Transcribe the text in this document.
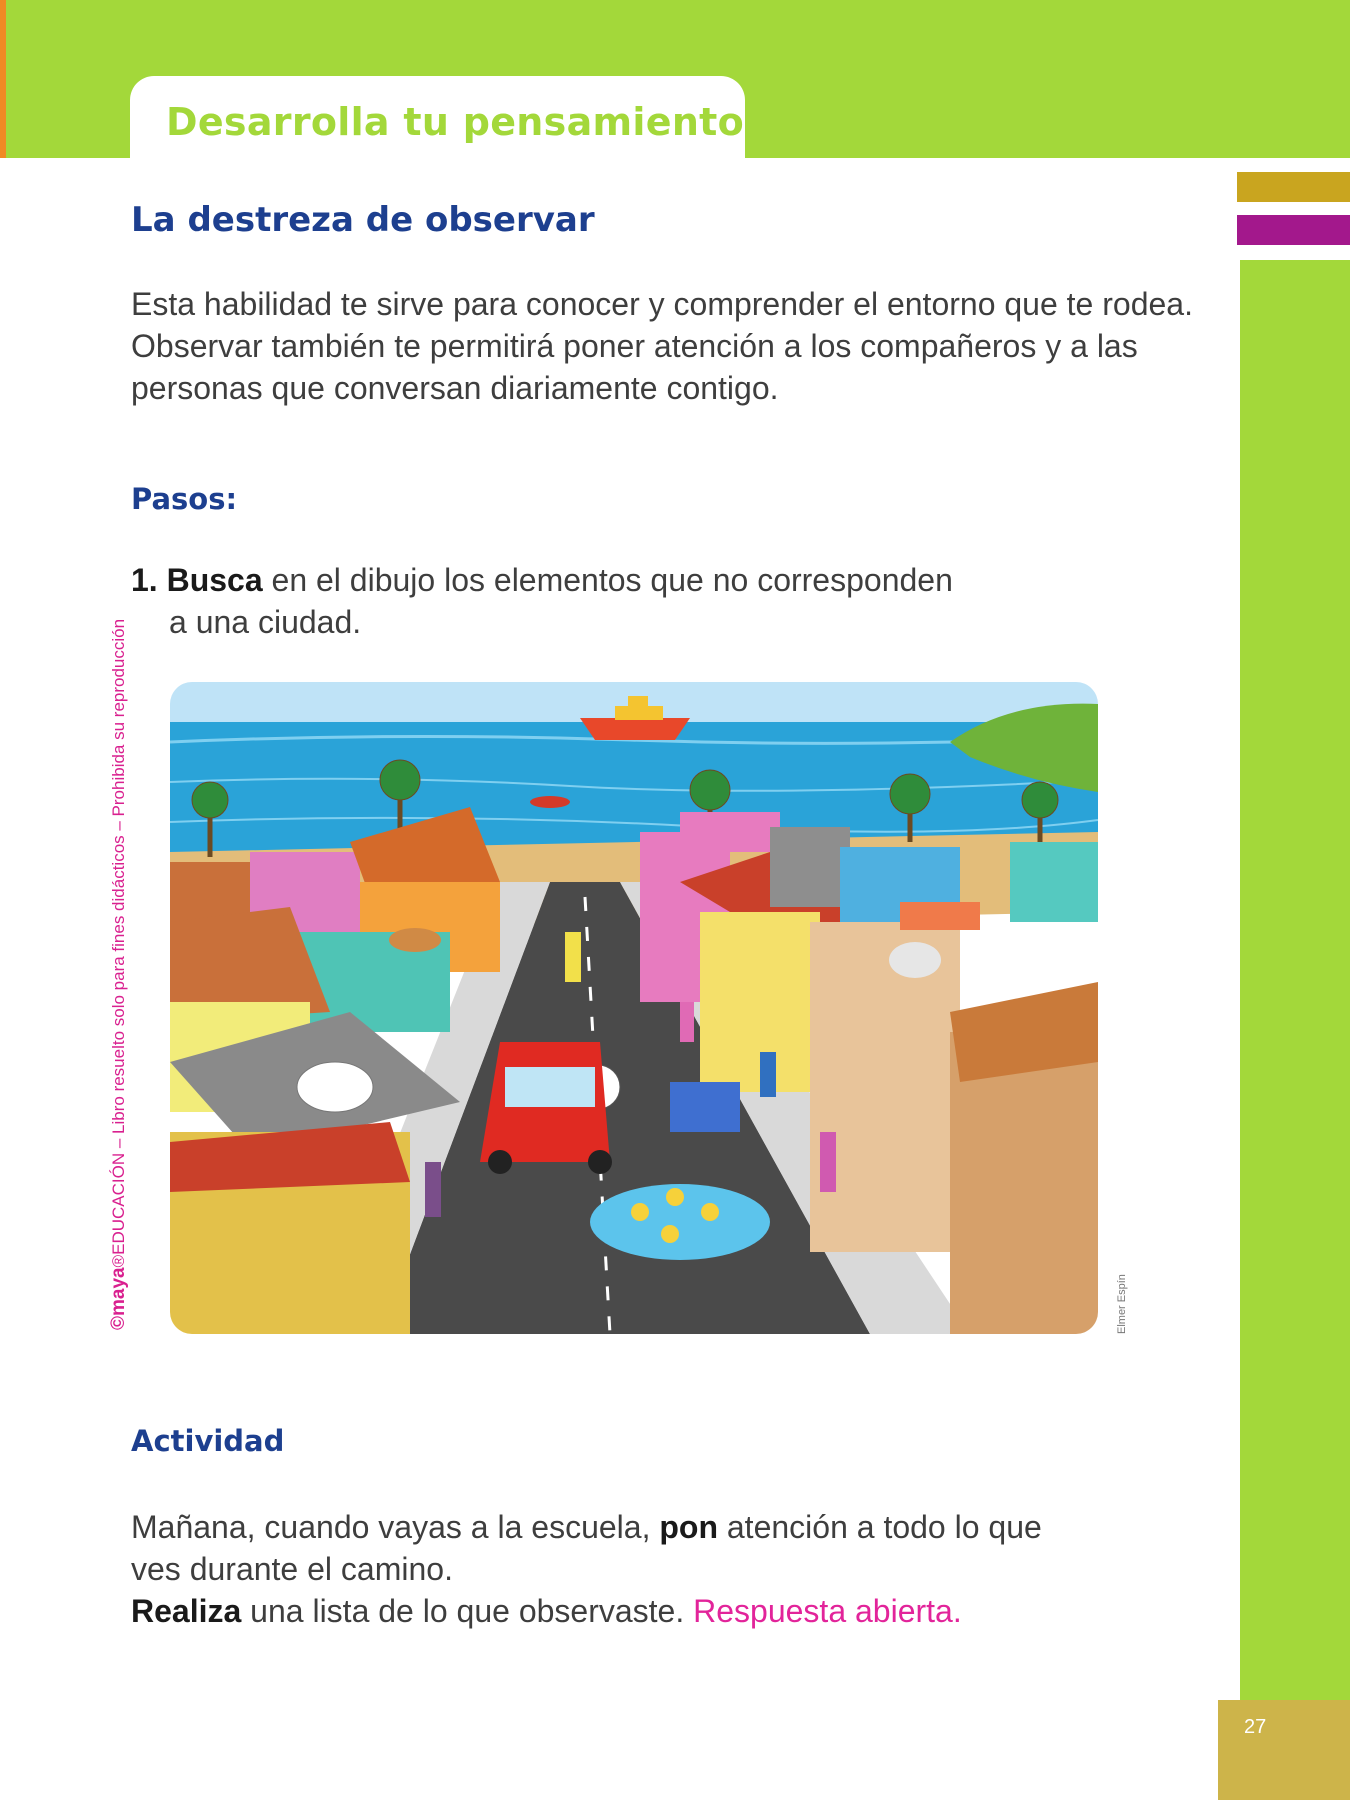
Desarrolla tu pensamiento
©maya®EDUCACIÓN – Libro resuelto solo para fines didácticos – Prohibida su reproducción
La destreza de observar
Esta habilidad te sirve para conocer y comprender el entorno que te rodea. Observar también te permitirá poner atención a los compañeros y a las personas que conversan diariamente contigo.
Pasos:
1. Busca en el dibujo los elementos que no corresponden
a una ciudad.
Elmer Espín
Actividad
Mañana, cuando vayas a la escuela, pon atención a todo lo que
ves durante el camino.
Realiza una lista de lo que observaste. Respuesta abierta.
27
